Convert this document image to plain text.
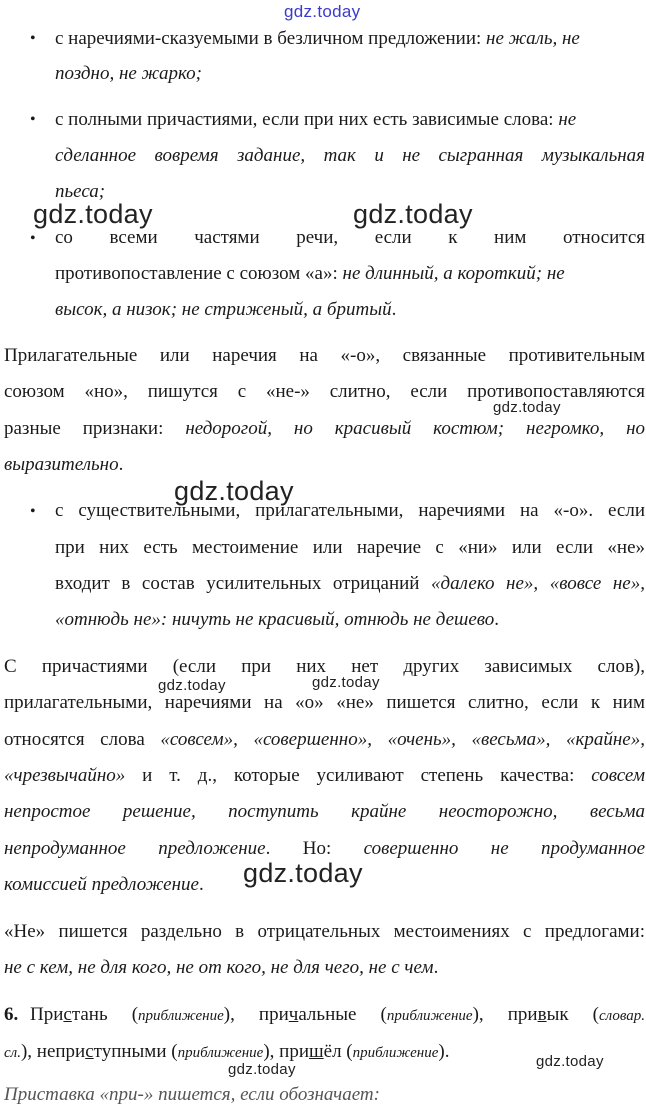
gdz.today
• с наречиями-сказуемыми в безличном предложении: не жаль, не
поздно, не жарко;
• с полными причастиями, если при них есть зависимые слова: не
сделанное вовремя задание, так и не сыгранная музыкальная
пьеса;
• со всеми частями речи, если к ним относится
противопоставление с союзом «а»: не длинный, а короткий; не
высок, а низок; не стриженый, а бритый.
Прилагательные или наречия на «-о», связанные противительным
союзом «но», пишутся с «не-» слитно, если противопоставляются
разные признаки: недорогой, но красивый костюм; негромко, но
выразительно.
• с существительными, прилагательными, наречиями на «-о». если
при них есть местоимение или наречие с «ни» или если «не»
входит в состав усилительных отрицаний «далеко не», «вовсе не»,
«отнюдь не»: ничуть не красивый, отнюдь не дешево.
С причастиями (если при них нет других зависимых слов),
прилагательными, наречиями на «о» «не» пишется слитно, если к ним
относятся слова «совсем», «совершенно», «очень», «весьма», «крайне»,
«чрезвычайно» и т. д., которые усиливают степень качества: совсем
непростое решение, поступить крайне неосторожно, весьма
непродуманное предложение. Но: совершенно не продуманное
комиссией предложение.
«Не» пишется раздельно в отрицательных местоимениях с предлогами:
не с кем, не для кого, не от кого, не для чего, не с чем.
6. Пристань (приближение), причальные (приближение), привык (словар.
сл.), неприступными (приближение), пришёл (приближение).
Приставка «при-» пишется, если обозначает:
gdz.today	gdz.today
gdz.today
gdz.today
gdz.today	gdz.today
gdz.today
gdz.today
gdz.today
